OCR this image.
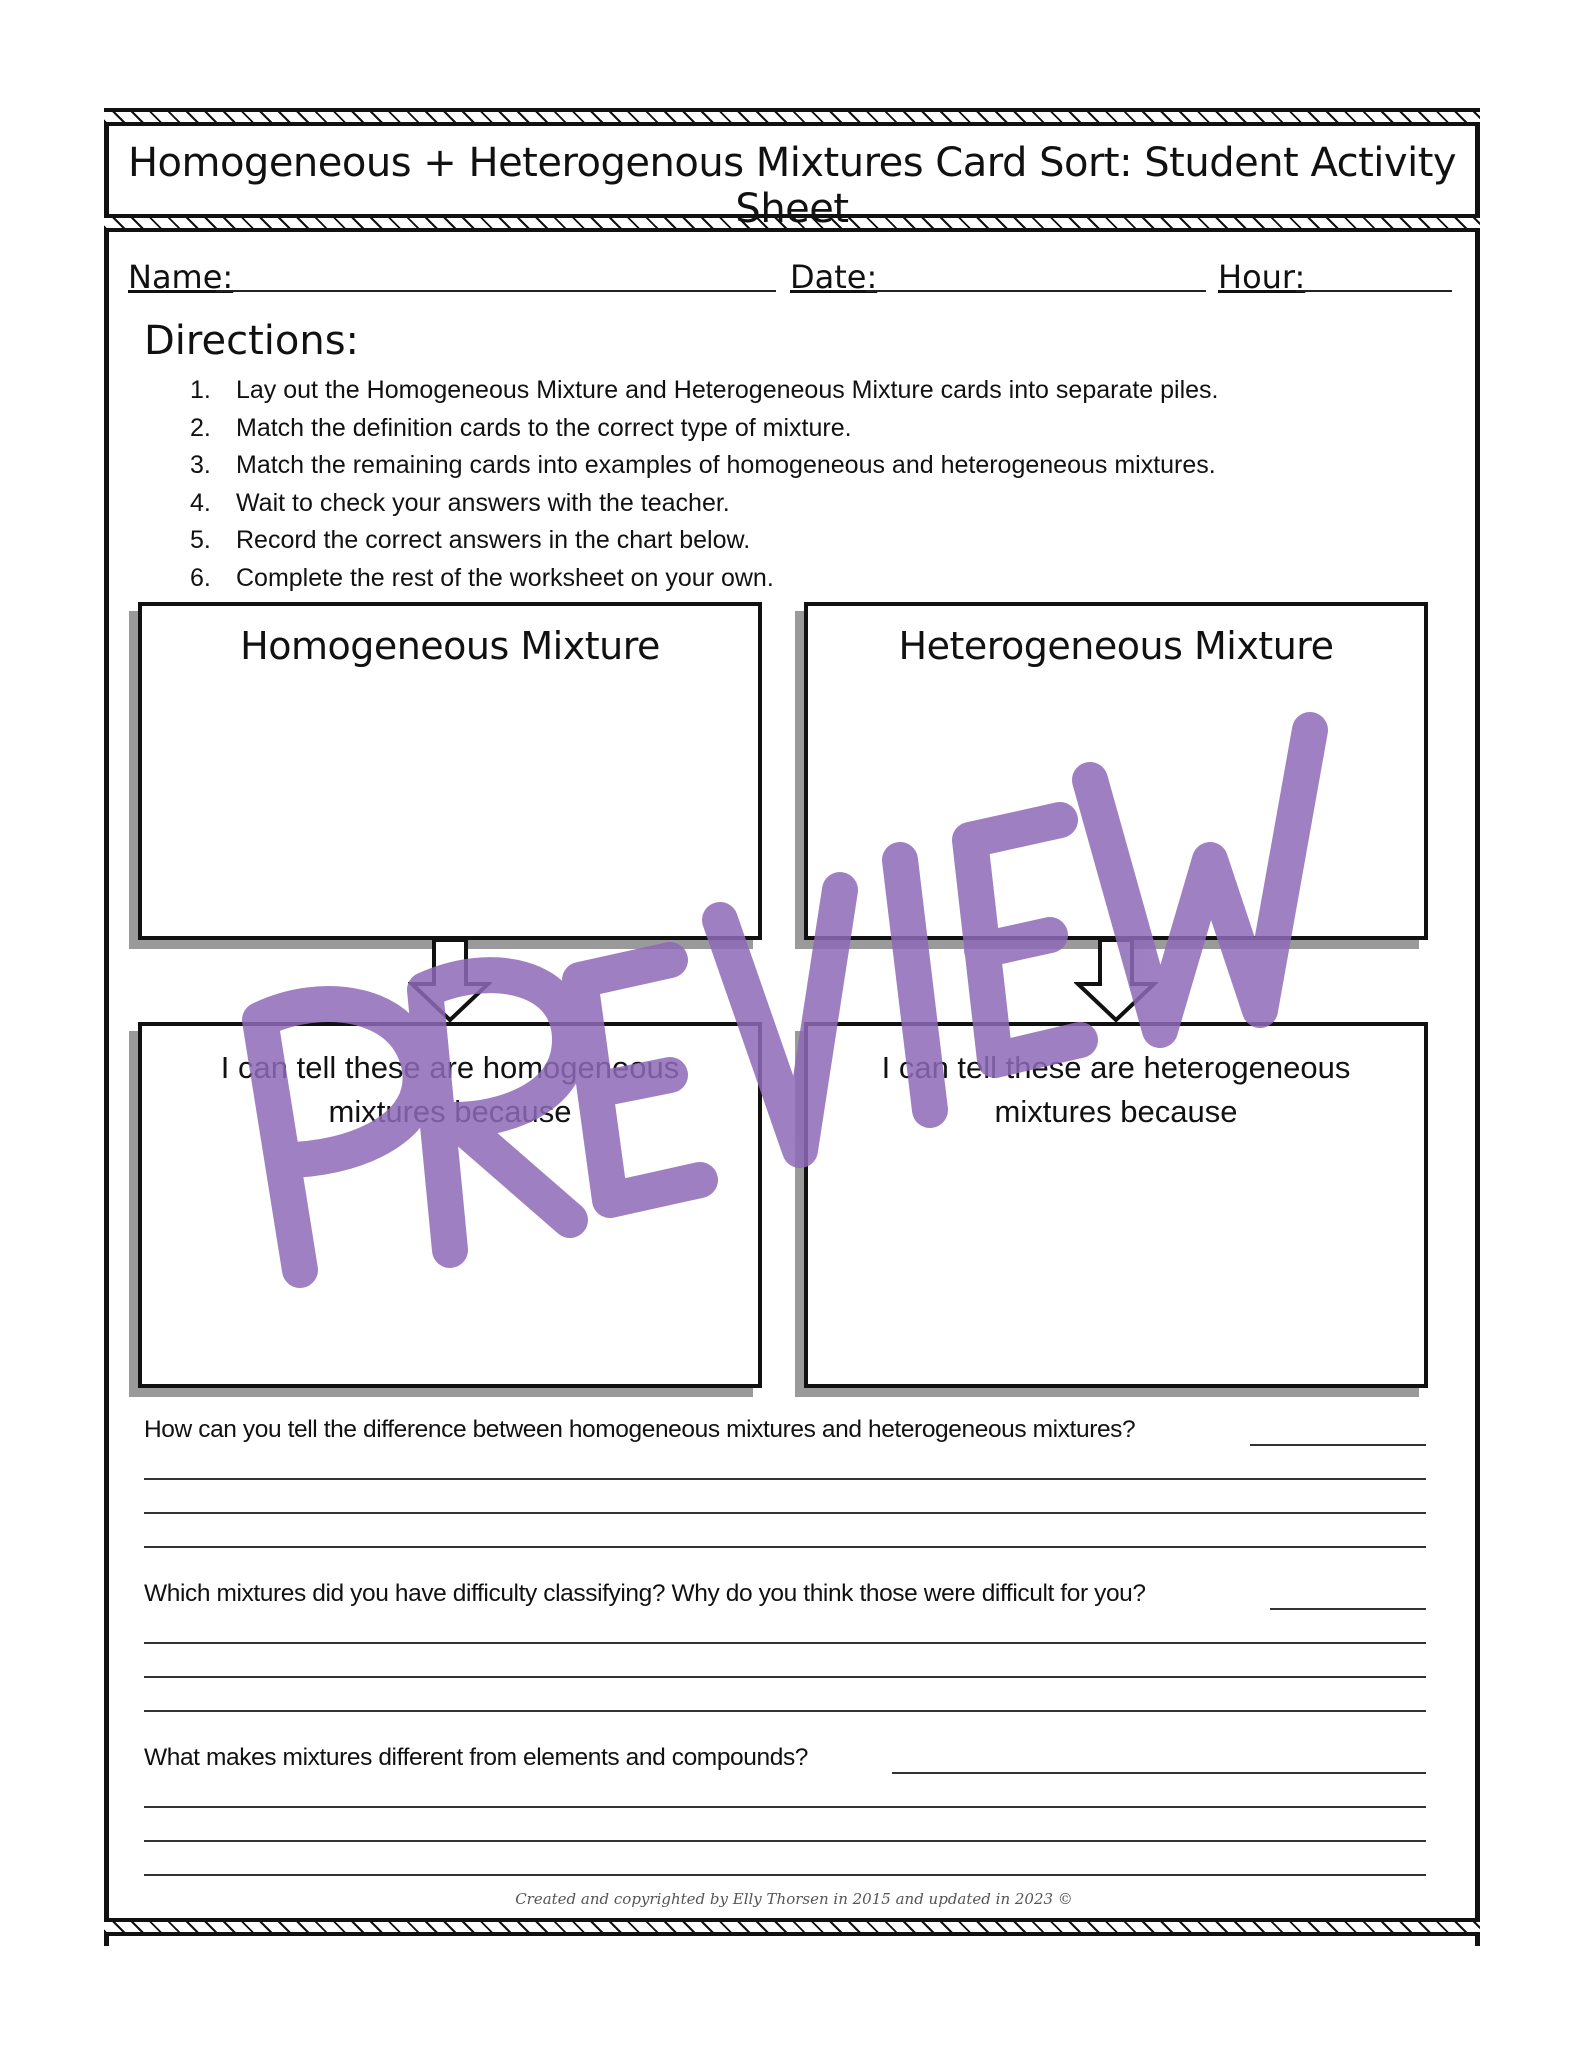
Homogeneous + Heterogenous Mixtures Card Sort: Student Activity Sheet
Name:	Date:	Hour:
Directions:
1. Lay out the Homogeneous Mixture and Heterogeneous Mixture cards into separate piles.
2. Match the definition cards to the correct type of mixture.
3. Match the remaining cards into examples of homogeneous and heterogeneous mixtures.
4. Wait to check your answers with the teacher.
5. Record the correct answers in the chart below.
6. Complete the rest of the worksheet on your own.
Homogeneous Mixture	Heterogeneous Mixture
I can tell these are homogeneous mixtures because
I can tell these are heterogeneous mixtures because
How can you tell the difference between homogeneous mixtures and heterogeneous mixtures?
Which mixtures did you have difficulty classifying? Why do you think those were difficult for you?
What makes mixtures different from elements and compounds?
Created and copyrighted by Elly Thorsen in 2015 and updated in 2023 ©
